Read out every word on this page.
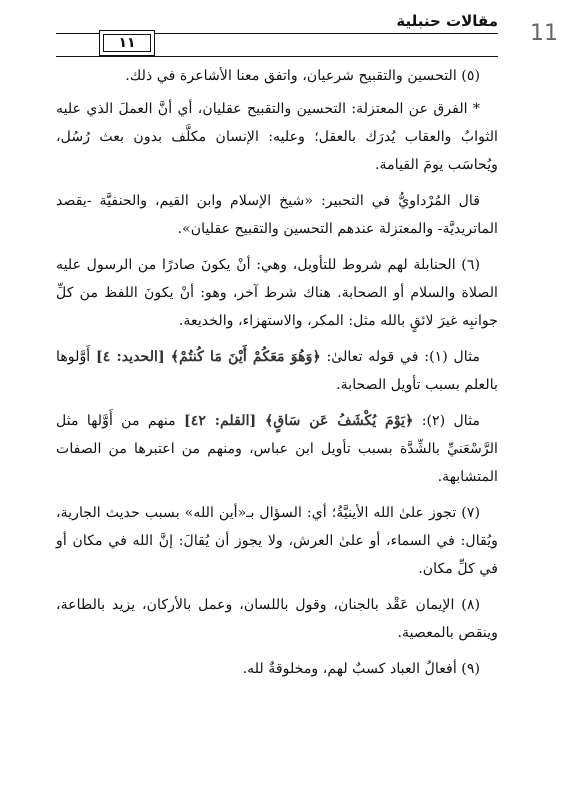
11
مقالات حنبلية
١١

(٥) التحسين والتقبيح شرعيان، واتفق معنا الأشاعرة في ذلك.

* الفرق عن المعتزلة: التحسين والتقبيح عقليان، أي أنَّ العملَ الذي عليه الثوابُ والعقاب يُدرَك بالعقل؛ وعليه: الإنسان مكلَّف بدون بعث رُسُل، ويُحاسَب يومَ القيامة.

قال المُرْداويُّ في التحبير: «شيخ الإسلام وابن القيم، والحنفيَّة -يقصد الماتريديَّة- والمعتزلة عندهم التحسين والتقبيح عقليان».

(٦) الحنابلة لهم شروط للتأويل، وهي: أنْ يكونَ صادرًا من الرسول عليه الصلاة والسلام أو الصحابة. هناك شرط آخر، وهو: أنْ يكونَ اللفظ من كلِّ جوانبِه غيرَ لائقٍ بالله مثل: المكر، والاستهزاء، والخديعة.

مثال (١): في قوله تعالىٰ: ﴿وَهُوَ مَعَكُمْ أَيْنَ مَا كُنتُمْ﴾ [الحديد: ٤] أَوَّلوها بالعلم بسبب تأويل الصحابة.

مثال (٢): ﴿يَوْمَ يُكْشَفُ عَن سَاقٍ﴾ [القلم: ٤٢] منهم من أَوَّلها مثل الرَّسْعَنيِّ بالشِّدَّة بسبب تأويل ابن عباس، ومنهم من اعتبرها من الصفات المتشابهة.

(٧) تجوز علىٰ الله الأينيَّةُ؛ أي: السؤال بـ«أين الله» بسبب حديث الجارية، ويُقال: في السماء، أو علىٰ العرش، ولا يجوز أن يُقالَ: إنَّ الله في مكان أو في كلِّ مكان.

(٨) الإيمان عَقْد بالجنان، وقول باللسان، وعمل بالأركان، يزيد بالطاعة، وينقص بالمعصية.

(٩) أفعالُ العباد كسبٌ لهم، ومخلوقةٌ لله.
